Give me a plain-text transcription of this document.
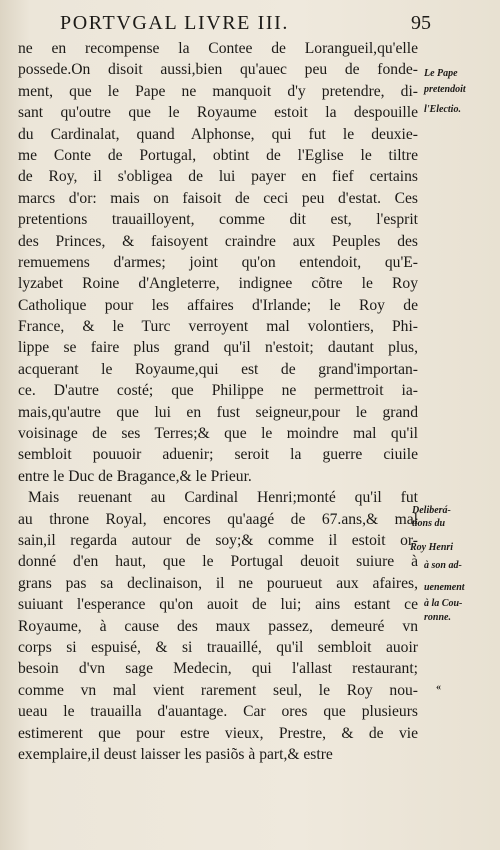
PORTVGAL LIVRE III.	95
ne en recompense la Contee de Lorangueil,qu'elle
possede.On disoit aussi,bien qu'auec peu de fonde-
ment, que le Pape ne manquoit d'y pretendre, di-
sant qu'outre que le Royaume estoit la despouille
du Cardinalat, quand Alphonse, qui fut le deuxie-
me Conte de Portugal, obtint de l'Eglise le tiltre
de Roy, il s'obligea de lui payer en fief certains
marcs d'or: mais on faisoit de ceci peu d'estat. Ces
pretentions trauailloyent, comme dit est, l'esprit
des Princes, & faisoyent craindre aux Peuples des
remuemens d'armes; joint qu'on entendoit, qu'E-
lyzabet Roine d'Angleterre, indignee cõtre le Roy
Catholique pour les affaires d'Irlande; le Roy de
France, & le Turc verroyent mal volontiers, Phi-
lippe se faire plus grand qu'il n'estoit; dautant plus,
acquerant le Royaume,qui est de grand'importan-
ce. D'autre costé; que Philippe ne permettroit ia-
mais,qu'autre que lui en fust seigneur,pour le grand
voisinage de ses Terres;& que le moindre mal qu'il
sembloit pouuoir aduenir; seroit la guerre ciuile
entre le Duc de Bragance,& le Prieur.
Mais reuenant au Cardinal Henri;monté qu'il fut
au throne Royal, encores qu'aagé de 67.ans,& mal
sain,il regarda autour de soy;& comme il estoit or-
donné d'en haut, que le Portugal deuoit suiure à
grans pas sa declinaison, il ne pourueut aux afaires,
suiuant l'esperance qu'on auoit de lui; ains estant ce
Royaume, à cause des maux passez, demeuré vn
corps si espuisé, & si trauaillé, qu'il sembloit auoir
besoin d'vn sage Medecin, qui l'allast restaurant;
comme vn mal vient rarement seul, le Roy nou-
ueau le trauailla d'auantage. Car ores que plusieurs
estimerent que pour estre vieux, Prestre, & de vie
exemplaire,il deust laisser les pasiõs à part,& estre
Le Pape
pretendoit
l'Electio.
Deliberá-
tions du
Roy Henri
à son ad-
uenement
à la Cou-
ronne.
«
